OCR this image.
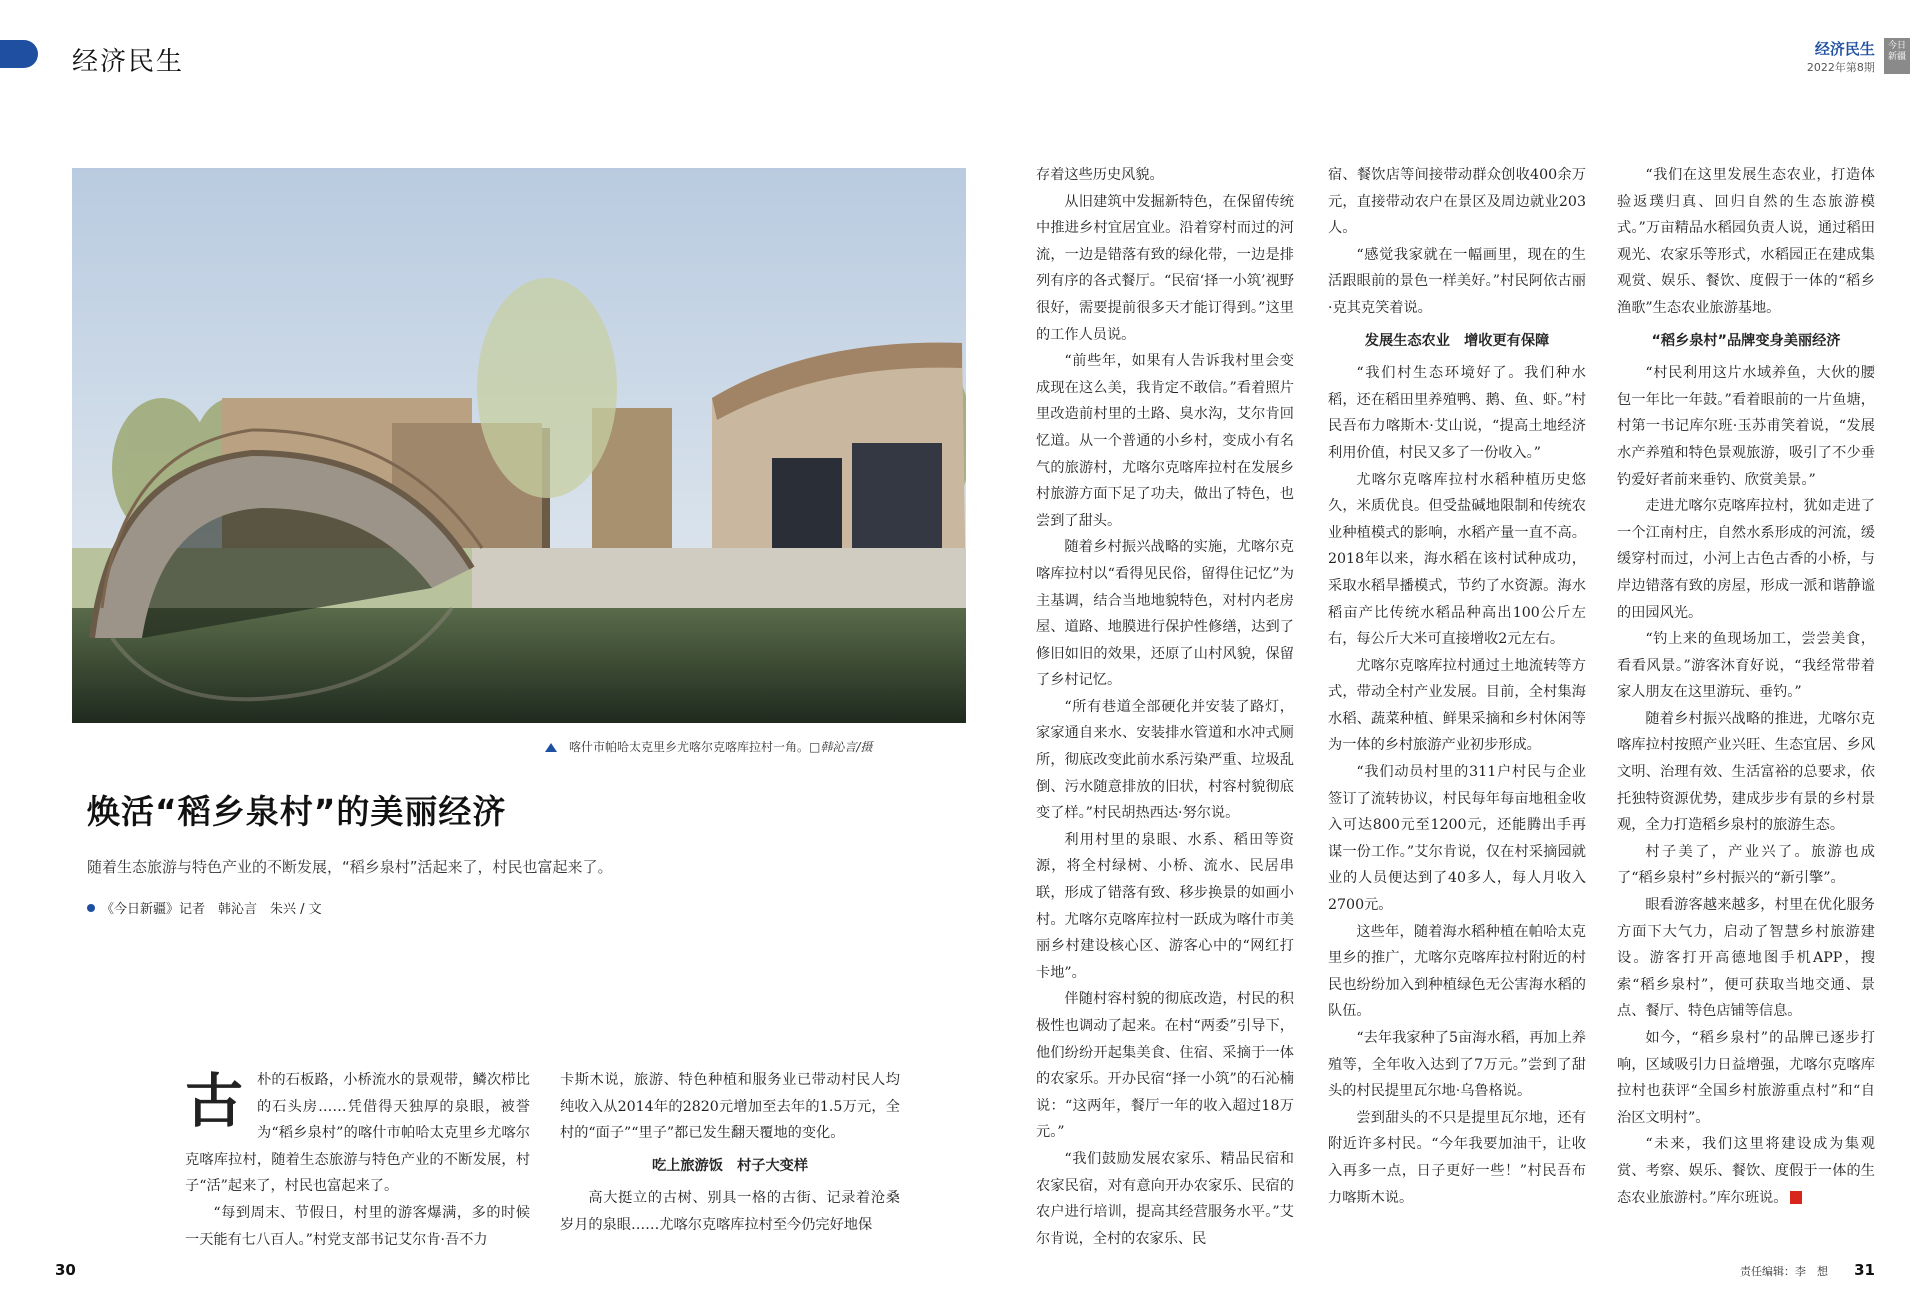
经济民生	经济民生
2022年第8期
今日新疆
喀什市帕哈太克里乡尤喀尔克喀库拉村一角。□韩沁言/摄
焕活“稻乡泉村”的美丽经济
随着生态旅游与特色产业的不断发展，“稻乡泉村”活起来了，村民也富起来了。
《今日新疆》记者　韩沁言　朱兴 / 文
古 朴的石板路，小桥流水的景观带，鳞次栉比的石头房……凭借得天独厚的泉眼，被誉为“稻乡泉村”的喀什市帕哈太克里乡尤喀尔克喀库拉村，随着生态旅游与特色产业的不断发展，村子“活”起来了，村民也富起来了。

“每到周末、节假日，村里的游客爆满，多的时候一天能有七八百人。”村党支部书记艾尔肯·吾不力

卡斯木说，旅游、特色种植和服务业已带动村民人均纯收入从2014年的2820元增加至去年的1.5万元，全村的“面子”“里子”都已发生翻天覆地的变化。

吃上旅游饭　村子大变样

高大挺立的古树、别具一格的古街、记录着沧桑岁月的泉眼……尤喀尔克喀库拉村至今仍完好地保

存着这些历史风貌。

从旧建筑中发掘新特色，在保留传统中推进乡村宜居宜业。沿着穿村而过的河流，一边是错落有致的绿化带，一边是排列有序的各式餐厅。“民宿‘择一小筑’视野很好，需要提前很多天才能订得到。”这里的工作人员说。

“前些年，如果有人告诉我村里会变成现在这么美，我肯定不敢信。”看着照片里改造前村里的土路、臭水沟，艾尔肯回忆道。从一个普通的小乡村，变成小有名气的旅游村，尤喀尔克喀库拉村在发展乡村旅游方面下足了功夫，做出了特色，也尝到了甜头。

随着乡村振兴战略的实施，尤喀尔克喀库拉村以“看得见民俗，留得住记忆”为主基调，结合当地地貌特色，对村内老房屋、道路、地膜进行保护性修缮，达到了修旧如旧的效果，还原了山村风貌，保留了乡村记忆。

“所有巷道全部硬化并安装了路灯，家家通自来水、安装排水管道和水冲式厕所，彻底改变此前水系污染严重、垃圾乱倒、污水随意排放的旧状，村容村貌彻底变了样。”村民胡热西达·努尔说。

利用村里的泉眼、水系、稻田等资源，将全村绿树、小桥、流水、民居串联，形成了错落有致、移步换景的如画小村。尤喀尔克喀库拉村一跃成为喀什市美丽乡村建设核心区、游客心中的“网红打卡地”。

伴随村容村貌的彻底改造，村民的积极性也调动了起来。在村“两委”引导下，他们纷纷开起集美食、住宿、采摘于一体的农家乐。开办民宿“择一小筑”的石沁楠说：“这两年，餐厅一年的收入超过18万元。”

“我们鼓励发展农家乐、精品民宿和农家民宿，对有意向开办农家乐、民宿的农户进行培训，提高其经营服务水平。”艾尔肯说，全村的农家乐、民

宿、餐饮店等间接带动群众创收400余万元，直接带动农户在景区及周边就业203人。

“感觉我家就在一幅画里，现在的生活跟眼前的景色一样美好。”村民阿依古丽·克其克笑着说。

发展生态农业　增收更有保障

“我们村生态环境好了。我们种水稻，还在稻田里养殖鸭、鹅、鱼、虾。”村民吾布力喀斯木·艾山说，“提高土地经济利用价值，村民又多了一份收入。”

尤喀尔克喀库拉村水稻种植历史悠久，米质优良。但受盐碱地限制和传统农业种植模式的影响，水稻产量一直不高。2018年以来，海水稻在该村试种成功，采取水稻旱播模式，节约了水资源。海水稻亩产比传统水稻品种高出100公斤左右，每公斤大米可直接增收2元左右。

尤喀尔克喀库拉村通过土地流转等方式，带动全村产业发展。目前，全村集海水稻、蔬菜种植、鲜果采摘和乡村休闲等为一体的乡村旅游产业初步形成。

“我们动员村里的311户村民与企业签订了流转协议，村民每年每亩地租金收入可达800元至1200元，还能腾出手再谋一份工作。”艾尔肯说，仅在村采摘园就业的人员便达到了40多人，每人月收入2700元。

这些年，随着海水稻种植在帕哈太克里乡的推广，尤喀尔克喀库拉村附近的村民也纷纷加入到种植绿色无公害海水稻的队伍。

“去年我家种了5亩海水稻，再加上养殖等，全年收入达到了7万元。”尝到了甜头的村民提里瓦尔地·乌鲁格说。

尝到甜头的不只是提里瓦尔地，还有附近许多村民。“今年我要加油干，让收入再多一点，日子更好一些！”村民吾布力喀斯木说。

“我们在这里发展生态农业，打造体验返璞归真、回归自然的生态旅游模式。”万亩精品水稻园负责人说，通过稻田观光、农家乐等形式，水稻园正在建成集观赏、娱乐、餐饮、度假于一体的“稻乡渔歌”生态农业旅游基地。

“稻乡泉村”品牌变身美丽经济

“村民利用这片水域养鱼，大伙的腰包一年比一年鼓。”看着眼前的一片鱼塘，村第一书记库尔班·玉苏甫笑着说，“发展水产养殖和特色景观旅游，吸引了不少垂钓爱好者前来垂钓、欣赏美景。”

走进尤喀尔克喀库拉村，犹如走进了一个江南村庄，自然水系形成的河流，缓缓穿村而过，小河上古色古香的小桥，与岸边错落有致的房屋，形成一派和谐静谧的田园风光。

“钓上来的鱼现场加工，尝尝美食，看看风景。”游客沐育好说，“我经常带着家人朋友在这里游玩、垂钓。”

随着乡村振兴战略的推进，尤喀尔克喀库拉村按照产业兴旺、生态宜居、乡风文明、治理有效、生活富裕的总要求，依托独特资源优势，建成步步有景的乡村景观，全力打造稻乡泉村的旅游生态。

村子美了，产业兴了。旅游也成了“稻乡泉村”乡村振兴的“新引擎”。

眼看游客越来越多，村里在优化服务方面下大气力，启动了智慧乡村旅游建设。游客打开高德地图手机APP，搜索“稻乡泉村”，便可获取当地交通、景点、餐厅、特色店铺等信息。

如今，“稻乡泉村”的品牌已逐步打响，区域吸引力日益增强，尤喀尔克喀库拉村也获评“全国乡村旅游重点村”和“自治区文明村”。

“未来，我们这里将建设成为集观赏、考察、娱乐、餐饮、度假于一体的生态农业旅游村。”库尔班说。

30	责任编辑：李　想 31
